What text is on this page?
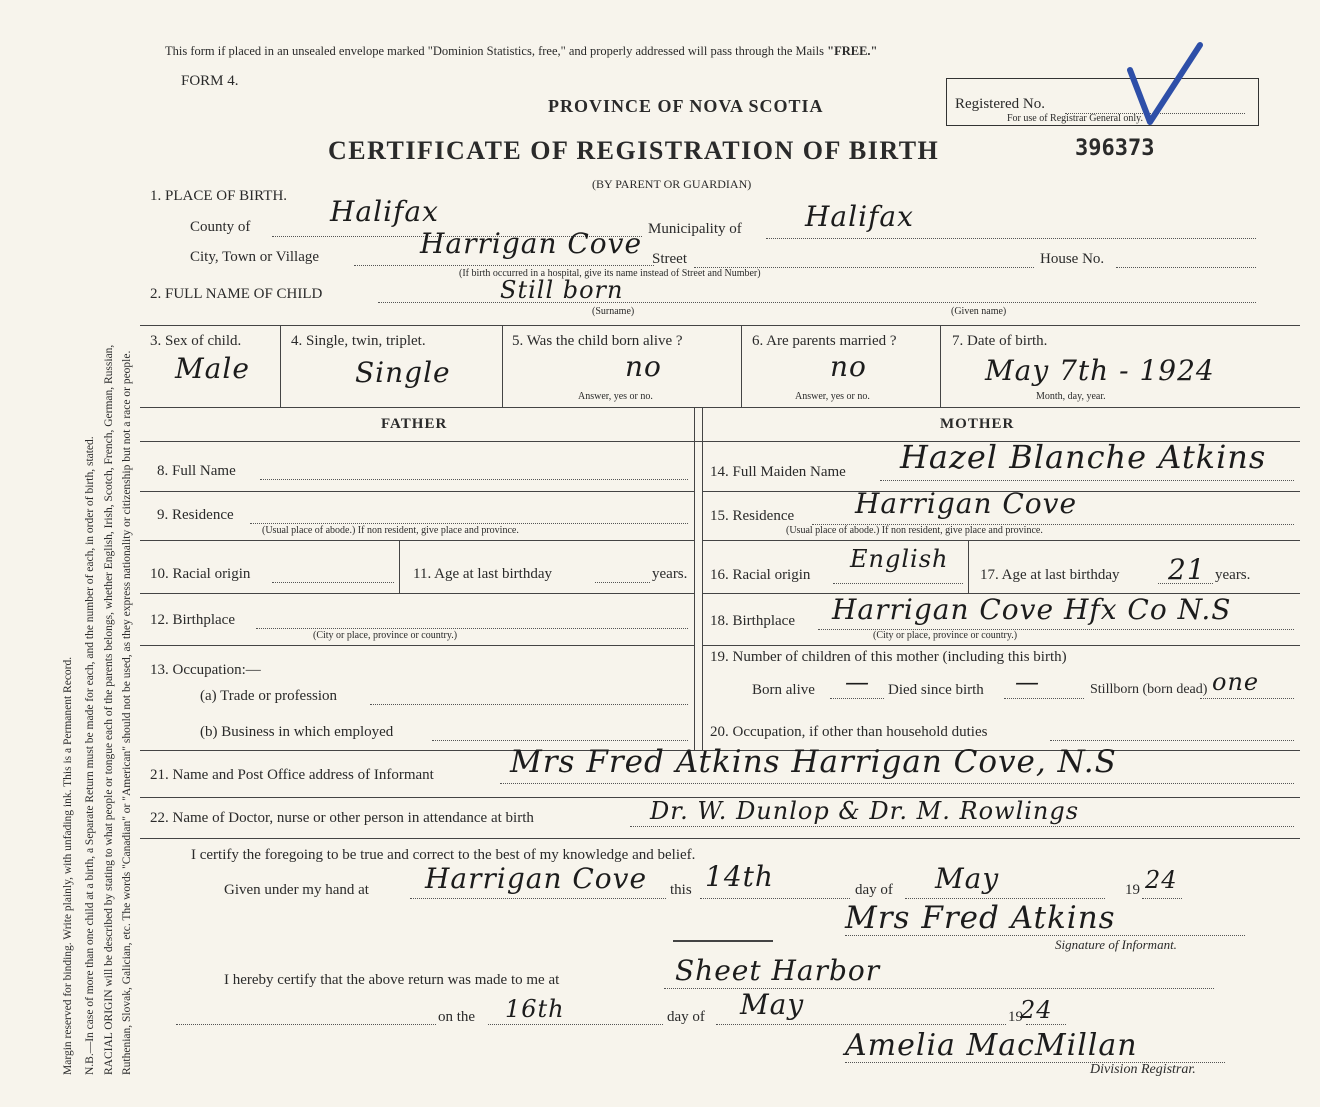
Margin reserved for binding. Write plainly, with unfading ink. This is a Permanent Record. N.B.—In case of more than one child at a birth, a Separate Return must be made for each, and the number of each, in order of birth, stated. RACIAL ORIGIN will be described by stating to what people or tongue each of the parents belongs, whether English, Irish, Scotch, French, German, Russian, Ruthenian, Slovak, Galician, etc. The words "Canadian" or "American" should not be used, as they express nationality or citizenship but not a race or people.
This form if placed in an unsealed envelope marked "Dominion Statistics, free," and properly addressed will pass through the Mails "FREE."
FORM 4.
PROVINCE OF NOVA SCOTIA
CERTIFICATE OF REGISTRATION OF BIRTH	396373
(BY PARENT OR GUARDIAN)
Registered No.
For use of Registrar General only.
1. PLACE OF BIRTH.
County of	Halifax
Municipality of Halifax
City, Town or Village	Harrigan Cove Street	House No.
(If birth occurred in a hospital, give its name instead of Street and Number)
2. FULL NAME OF CHILD	Still born
(Surname)	(Given name)
3. Sex of child.
Male
4. Single, twin, triplet.
Single
5. Was the child born alive ?
no
Answer, yes or no.
6. Are parents married ?
no
Answer, yes or no.
7. Date of birth.
May 7th - 1924
Month, day, year.
FATHER	MOTHER
8. Full Name
9. Residence
(Usual place of abode.) If non resident, give place and province.
10. Racial origin	11. Age at last birthday	years.
12. Birthplace
(City or place, province or country.)
13. Occupation:—
(a) Trade or profession
(b) Business in which employed
14. Full Maiden Name Hazel Blanche Atkins
15. Residence Harrigan Cove
(Usual place of abode.) If non resident, give place and province.
16. Racial origin
English
17. Age at last birthday 21 years.
18. Birthplace Harrigan Cove Hfx Co N.S
(City or place, province or country.)
19. Number of children of this mother (including this birth)
Born alive — Died since birth —	Stillborn (born dead) one
20. Occupation, if other than household duties
21. Name and Post Office address of Informant Mrs Fred Atkins Harrigan Cove, N.S
22. Name of Doctor, nurse or other person in attendance at birth	Dr. W. Dunlop & Dr. M. Rowlings
I certify the foregoing to be true and correct to the best of my knowledge and belief.
Given under my hand at Harrigan Cove this 14th	day of May	19 24
Mrs Fred Atkins
Signature of Informant.
I hereby certify that the above return was made to me at	Sheet Harbor
on the 16th	day of May	19
24
Amelia MacMillan
Division Registrar.
